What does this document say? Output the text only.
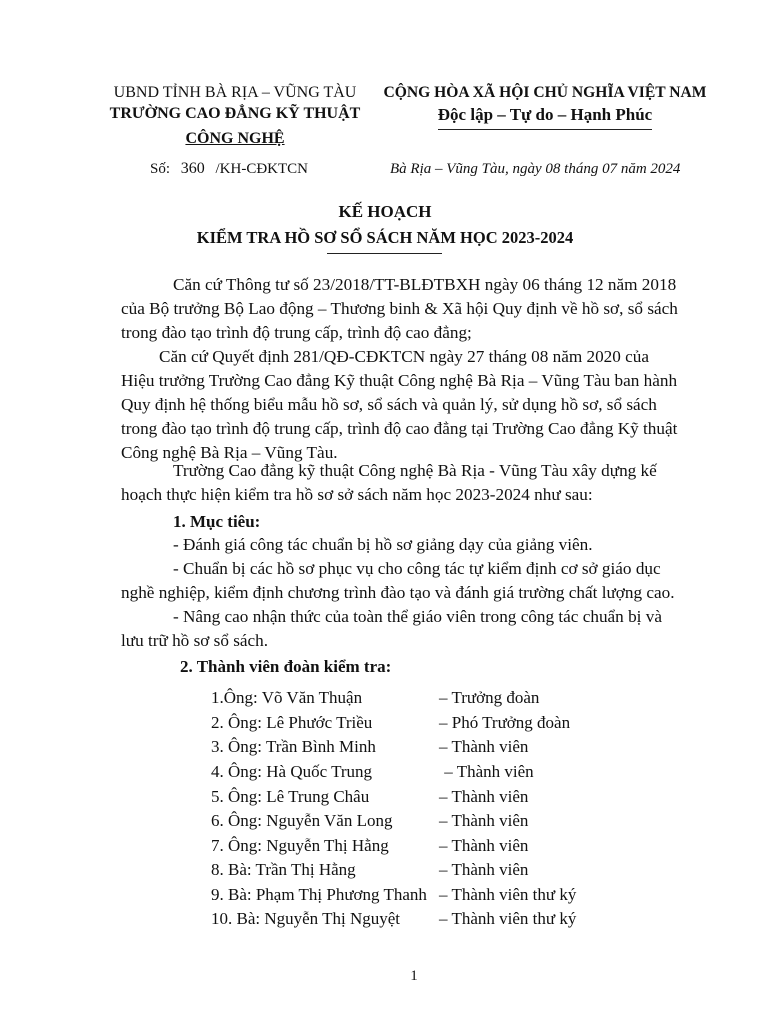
UBND TỈNH BÀ RỊA – VŨNG TÀU
TRƯỜNG CAO ĐẲNG KỸ THUẬT
CÔNG NGHỆ
CỘNG HÒA XÃ HỘI CHỦ NGHĨA VIỆT NAM
Độc lập – Tự do – Hạnh Phúc
Số: 360 /KH-CĐKTCN	Bà Rịa – Vũng Tàu, ngày 08 tháng 07 năm 2024
KẾ HOẠCH
KIỂM TRA HỒ SƠ SỔ SÁCH NĂM HỌC 2023-2024
Căn cứ Thông tư số 23/2018/TT-BLĐTBXH ngày 06 tháng 12 năm 2018
của Bộ trưởng Bộ Lao động – Thương binh & Xã hội Quy định về hồ sơ, sổ sách
trong đào tạo trình độ trung cấp, trình độ cao đẳng;
Căn cứ Quyết định 281/QĐ-CĐKTCN ngày 27 tháng 08 năm 2020 của
Hiệu trưởng Trường Cao đẳng Kỹ thuật Công nghệ Bà Rịa – Vũng Tàu ban hành
Quy định hệ thống biểu mẫu hồ sơ, sổ sách và quản lý, sử dụng hồ sơ, sổ sách
trong đào tạo trình độ trung cấp, trình độ cao đẳng tại Trường Cao đẳng Kỹ thuật
Công nghệ Bà Rịa – Vũng Tàu.
Trường Cao đẳng kỹ thuật Công nghệ Bà Rịa - Vũng Tàu xây dựng kế
hoạch thực hiện kiểm tra hồ sơ sở sách năm học 2023-2024 như sau:
1. Mục tiêu:
- Đánh giá công tác chuẩn bị hồ sơ giảng dạy của giảng viên.
- Chuẩn bị các hồ sơ phục vụ cho công tác tự kiểm định cơ sở giáo dục
nghề nghiệp, kiểm định chương trình đào tạo và đánh giá trường chất lượng cao.
- Nâng cao nhận thức của toàn thể giáo viên trong công tác chuẩn bị và
lưu trữ hồ sơ sổ sách.
2. Thành viên đoàn kiểm tra:
1.Ông: Võ Văn Thuận	– Trưởng đoàn
2. Ông: Lê Phước Triều	– Phó Trưởng đoàn
3. Ông: Trần Bình Minh	– Thành viên
4. Ông: Hà Quốc Trung	– Thành viên
5. Ông: Lê Trung Châu	– Thành viên
6. Ông: Nguyễn Văn Long	– Thành viên
7. Ông: Nguyễn Thị Hằng	– Thành viên
8. Bà: Trần Thị Hằng	– Thành viên
9. Bà: Phạm Thị Phương Thanh – Thành viên thư ký
10. Bà: Nguyễn Thị Nguyệt – Thành viên thư ký
1
